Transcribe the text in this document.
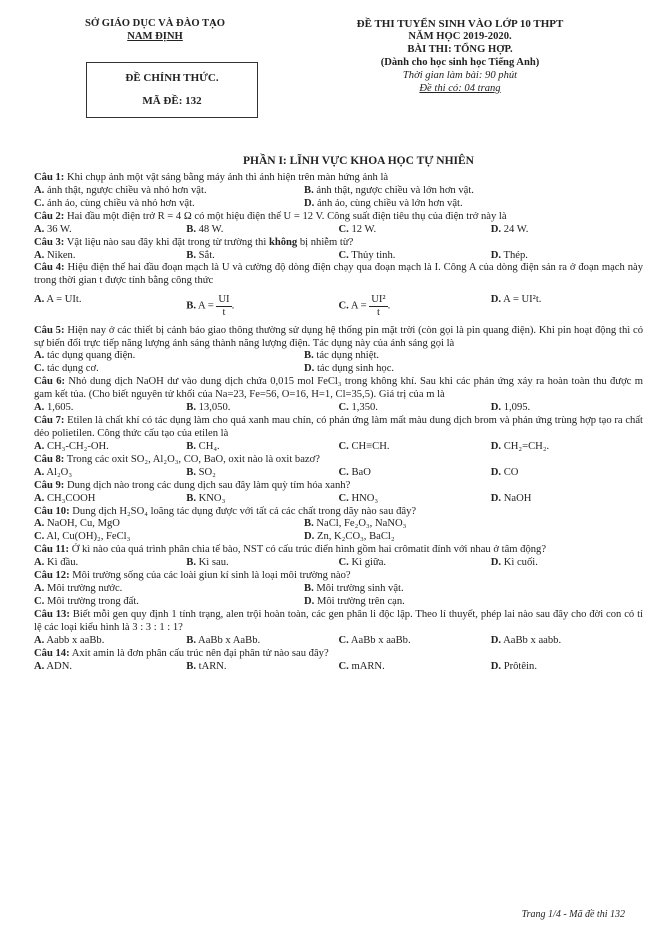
SỞ GIÁO DỤC VÀ ĐÀO TẠO
NAM ĐỊNH
ĐỀ CHÍNH THỨC.
MÃ ĐỀ: 132
ĐỀ THI TUYỂN SINH VÀO LỚP 10 THPT
NĂM HỌC 2019-2020.
BÀI THI: TỔNG HỢP.
(Dành cho học sinh học Tiếng Anh)
Thời gian làm bài: 90 phút
Đề thi có: 04 trang
PHẦN I: LĨNH VỰC KHOA HỌC TỰ NHIÊN
Câu 1: Khi chụp ảnh một vật sáng bằng máy ảnh thì ảnh hiện trên màn hứng ảnh là
A. ảnh thật, ngược chiều và nhỏ hơn vật.	B. ảnh thật, ngược chiều và lớn hơn vật.
C. ảnh ảo, cùng chiều và nhỏ hơn vật.	D. ảnh ảo, cùng chiều và lớn hơn vật.
Câu 2: Hai đầu một điện trở R = 4 Ω có một hiệu điện thế U = 12 V. Công suất điện tiêu thụ của điện trở này là
A. 36 W.	B. 48 W.	C. 12 W.	D. 24 W.
Câu 3: Vật liệu nào sau đây khi đặt trong từ trường thì không bị nhiễm từ?
A. Niken.	B. Sắt.	C. Thủy tinh.	D. Thép.
Câu 4: Hiệu điện thế hai đầu đoạn mạch là U và cường độ dòng điện chạy qua đoạn mạch là I. Công A của dòng điện sản ra ở đoạn mạch này trong thời gian t được tính bằng công thức
A. A = UIt.
B. $A = \frac{UI}{t}$ .	C. $A = \frac{\text{UI²}}{t}$ .
D. A = UI²t.
Câu 5: Hiện nay ở các thiết bị cảnh báo giao thông thường sử dụng hệ thống pin mặt trời (còn gọi là pin quang điện). Khi pin hoạt động thì có sự biến đổi trực tiếp năng lượng ánh sáng thành năng lượng điện. Tác dụng này của ánh sáng gọi là
A. tác dụng quang điện.	B. tác dụng nhiệt.
C. tác dụng cơ.	D. tác dụng sinh học.
Câu 6: Nhỏ dung dịch NaOH dư vào dung dịch chứa 0,015 mol FeCl₃ trong không khí. Sau khi các phản ứng xảy ra hoàn toàn thu được m gam kết tủa. (Cho biết nguyên tử khối của Na=23, Fe=56, O=16, H=1, Cl=35,5). Giá trị của m là
A. 1,605.	B. 13,050.	C. 1,350.	D. 1,095.
Câu 7: Etilen là chất khí có tác dụng làm cho quả xanh mau chín, có phản ứng làm mất màu dung dịch brom và phản ứng trùng hợp tạo ra chất dẻo polietilen. Công thức cấu tạo của etilen là
A. CH₃-CH₂-OH.	B. CH₄.	C. CH≡CH.	D. CH₂=CH₂.
Câu 8: Trong các oxit SO₂, Al₂O₃, CO, BaO, oxit nào là oxit bazơ?
A. Al₂O₃	B. SO₂	C. BaO	D. CO
Câu 9: Dung dịch nào trong các dung dịch sau đây làm quỳ tím hóa xanh?
A. CH₃COOH	B. KNO₃	C. HNO₃	D. NaOH
Câu 10: Dung dịch H₂SO₄ loãng tác dụng được với tất cả các chất trong dãy nào sau đây?
A. NaOH, Cu, MgO	B. NaCl, Fe₂O₃, NaNO₃
C. Al, Cu(OH)₂, FeCl₃	D. Zn, K₂CO₃, BaCl₂
Câu 11: Ở kì nào của quá trình phân chia tế bào, NST có cấu trúc điển hình gồm hai crômatit đính với nhau ở tâm động?
A. Kì đầu.	B. Kì sau.	C. Kì giữa.	D. Kì cuối.
Câu 12: Môi trường sống của các loài giun kí sinh là loại môi trường nào?
A. Môi trường nước.	B. Môi trường sinh vật.
C. Môi trường trong đất.	D. Môi trường trên cạn.
Câu 13: Biết mỗi gen quy định 1 tính trạng, alen trội hoàn toàn, các gen phân li độc lập. Theo lí thuyết, phép lai nào sau đây cho đời con có tỉ lệ các loại kiểu hình là 3 : 3 : 1 : 1?
A. Aabb x aaBb.	B. AaBb x AaBb.	C. AaBb x aaBb.	D. AaBb x aabb.
Câu 14: Axit amin là đơn phân cấu trúc nên đại phân tử nào sau đây?
A. ADN.	B. tARN.	C. mARN.	D. Prôtêin.
Trang 1/4 - Mã đề thi 132
